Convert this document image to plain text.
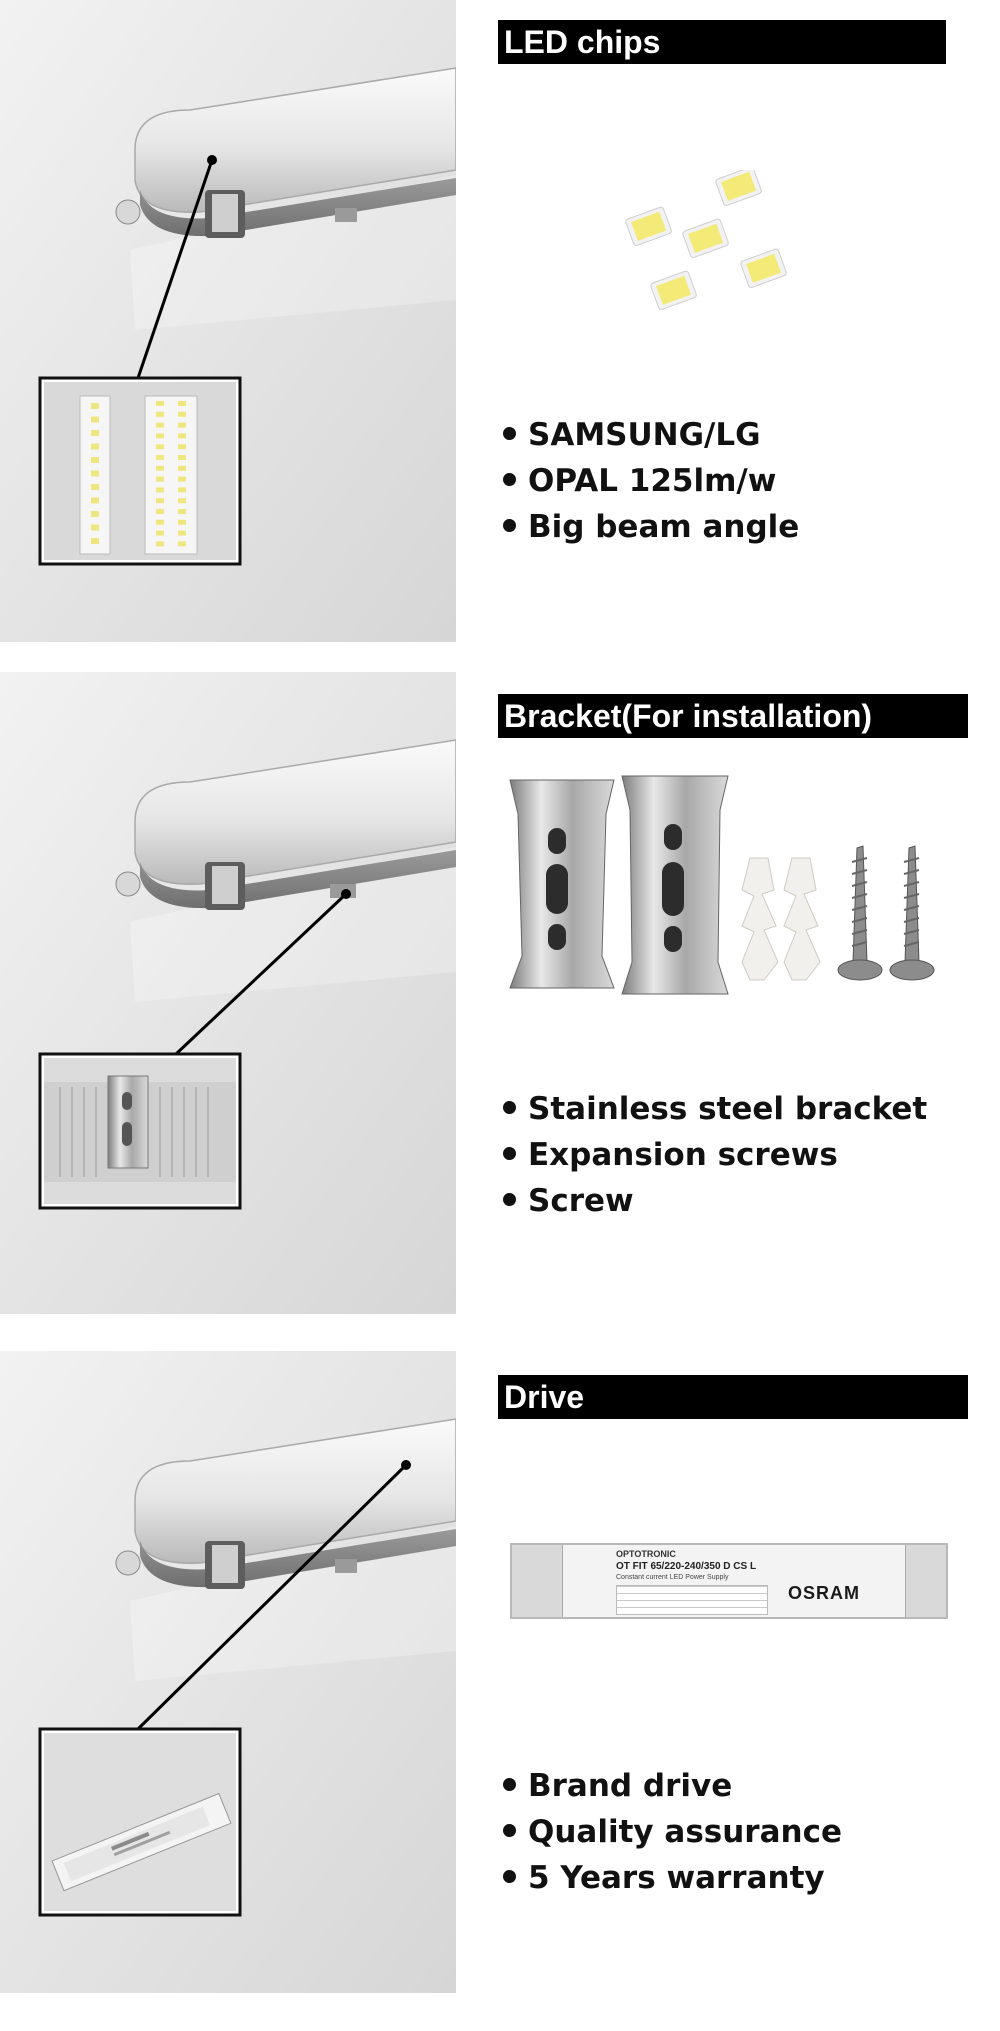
LED chips
SAMSUNG/LG
OPAL 125lm/w
Big beam angle
Bracket(For installation)
Stainless steel bracket
Expansion screws
Screw
Drive
OPTOTRONIC
OT FIT 65/220-240/350 D CS L
Constant current LED Power Supply
OSRAM
Brand drive
Quality assurance
5 Years warranty
